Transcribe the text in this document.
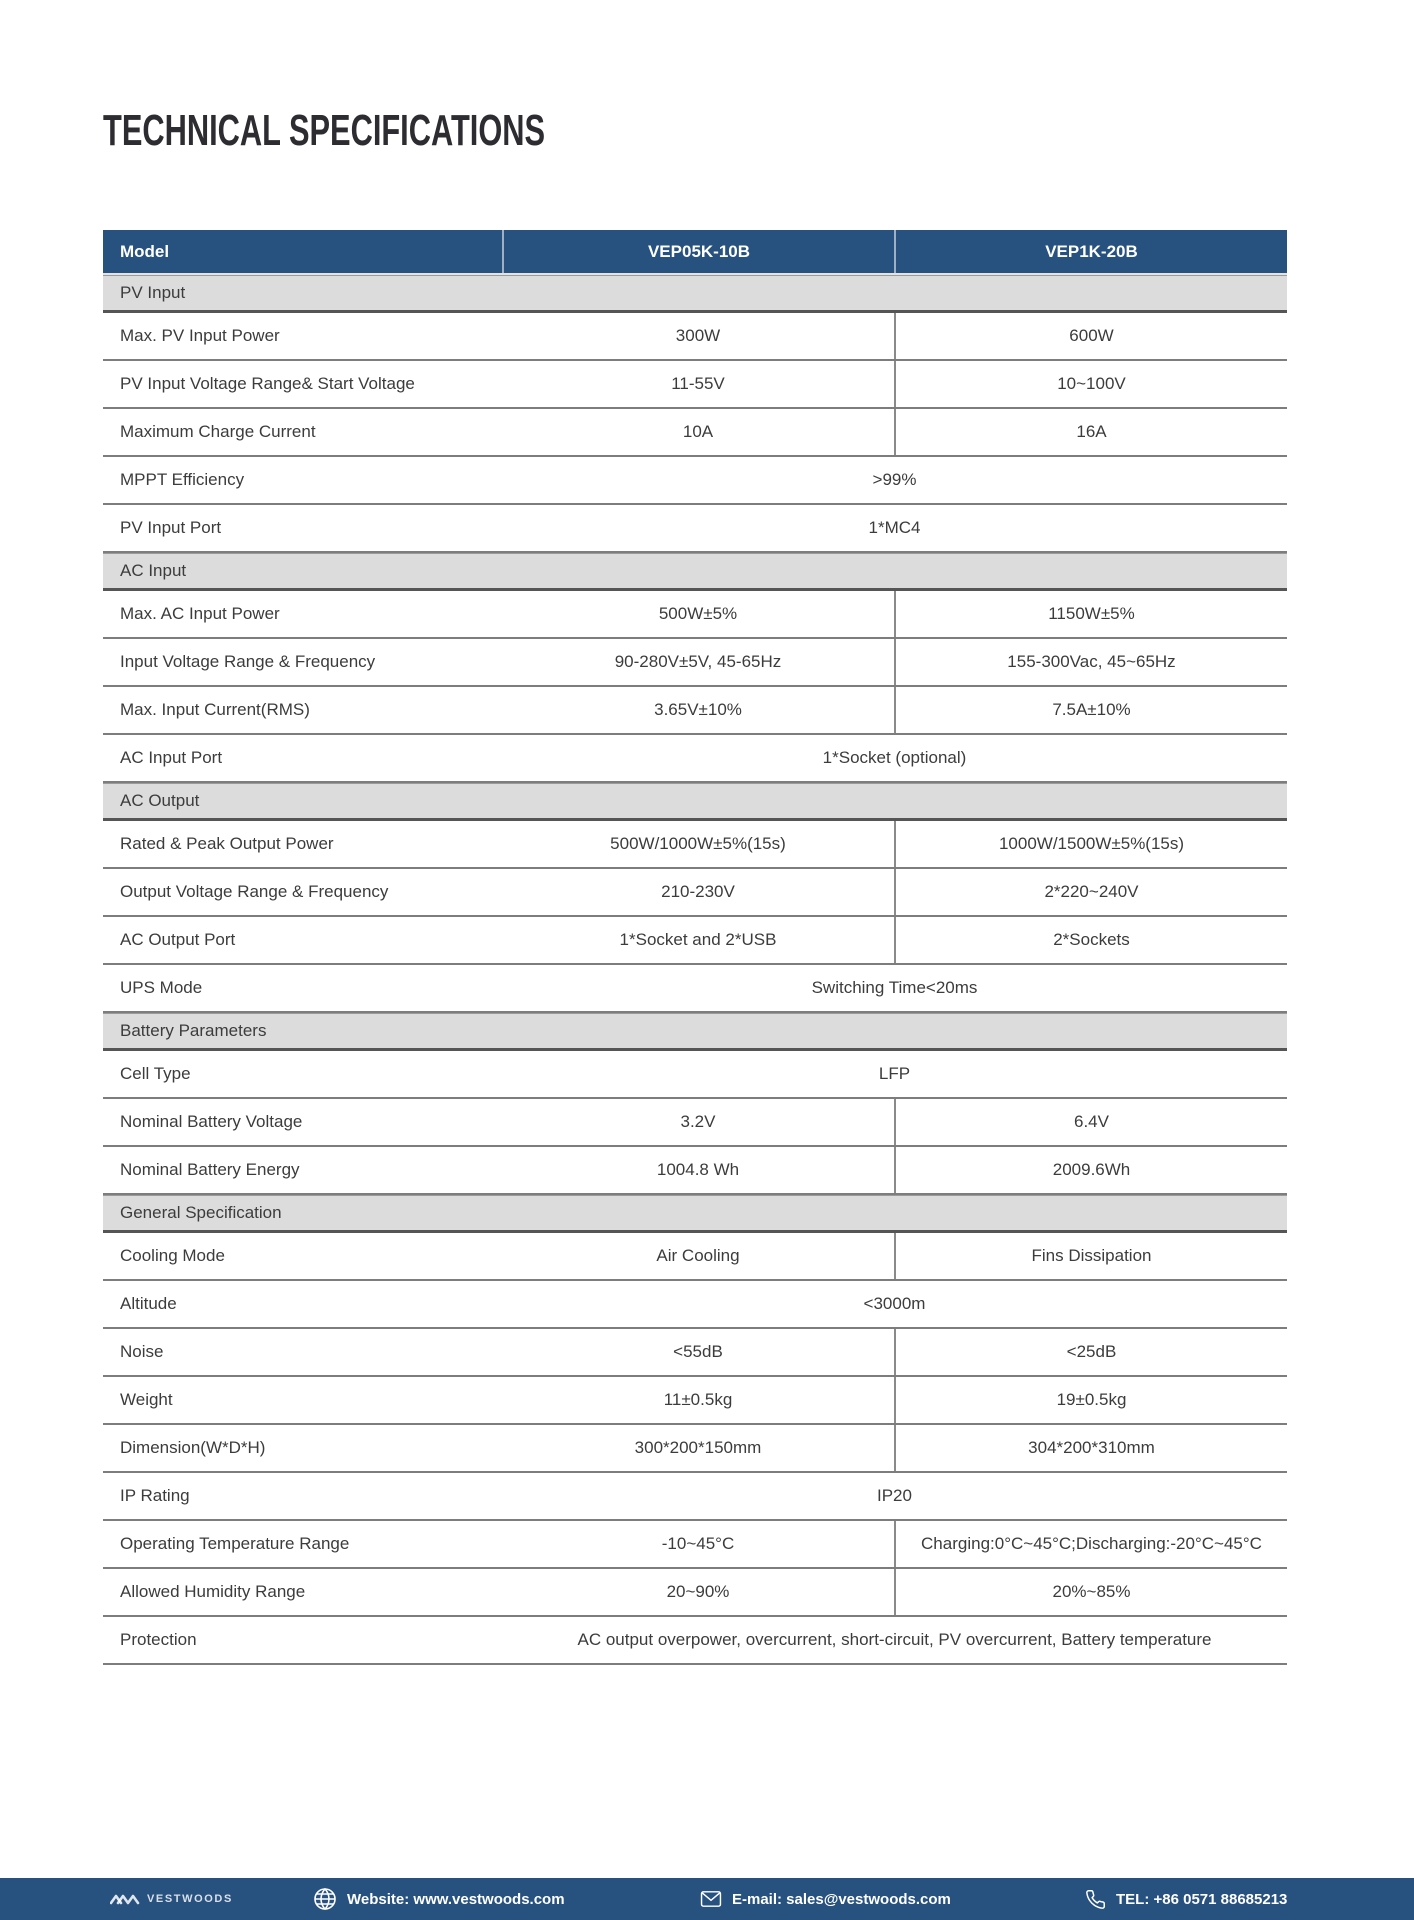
TECHNICAL SPECIFICATIONS
Model	VEP05K-10B	VEP1K-20B
PV Input
Max. PV Input Power	300W	600W
PV Input Voltage Range& Start Voltage	11-55V	10~100V
Maximum Charge Current	10A	16A
MPPT Efficiency	>99%
PV Input Port	1*MC4
AC Input
Max. AC Input Power	500W±5%	1150W±5%
Input Voltage Range & Frequency	90-280V±5V, 45-65Hz	155-300Vac, 45~65Hz
Max. Input Current(RMS)	3.65V±10%	7.5A±10%
AC Input Port	1*Socket (optional)
AC Output
Rated & Peak Output Power	500W/1000W±5%(15s)	1000W/1500W±5%(15s)
Output Voltage Range & Frequency	210-230V	2*220~240V
AC Output Port	1*Socket and 2*USB	2*Sockets
UPS Mode	Switching Time<20ms
Battery Parameters
Cell Type	LFP
Nominal Battery Voltage	3.2V	6.4V
Nominal Battery Energy	1004.8 Wh	2009.6Wh
General Specification
Cooling Mode	Air Cooling	Fins Dissipation
Altitude	<3000m
Noise	<55dB	<25dB
Weight	11±0.5kg	19±0.5kg
Dimension(W*D*H)	300*200*150mm	304*200*310mm
IP Rating	IP20
Operating Temperature Range	-10~45°C	Charging:0°C~45°C;Discharging:-20°C~45°C
Allowed Humidity Range	20~90%	20%~85%
Protection	AC output overpower, overcurrent, short-circuit, PV overcurrent, Battery temperature
VESTWOODS	Website: www.vestwoods.com	E-mail: sales@vestwoods.com	TEL: +86 0571 88685213
